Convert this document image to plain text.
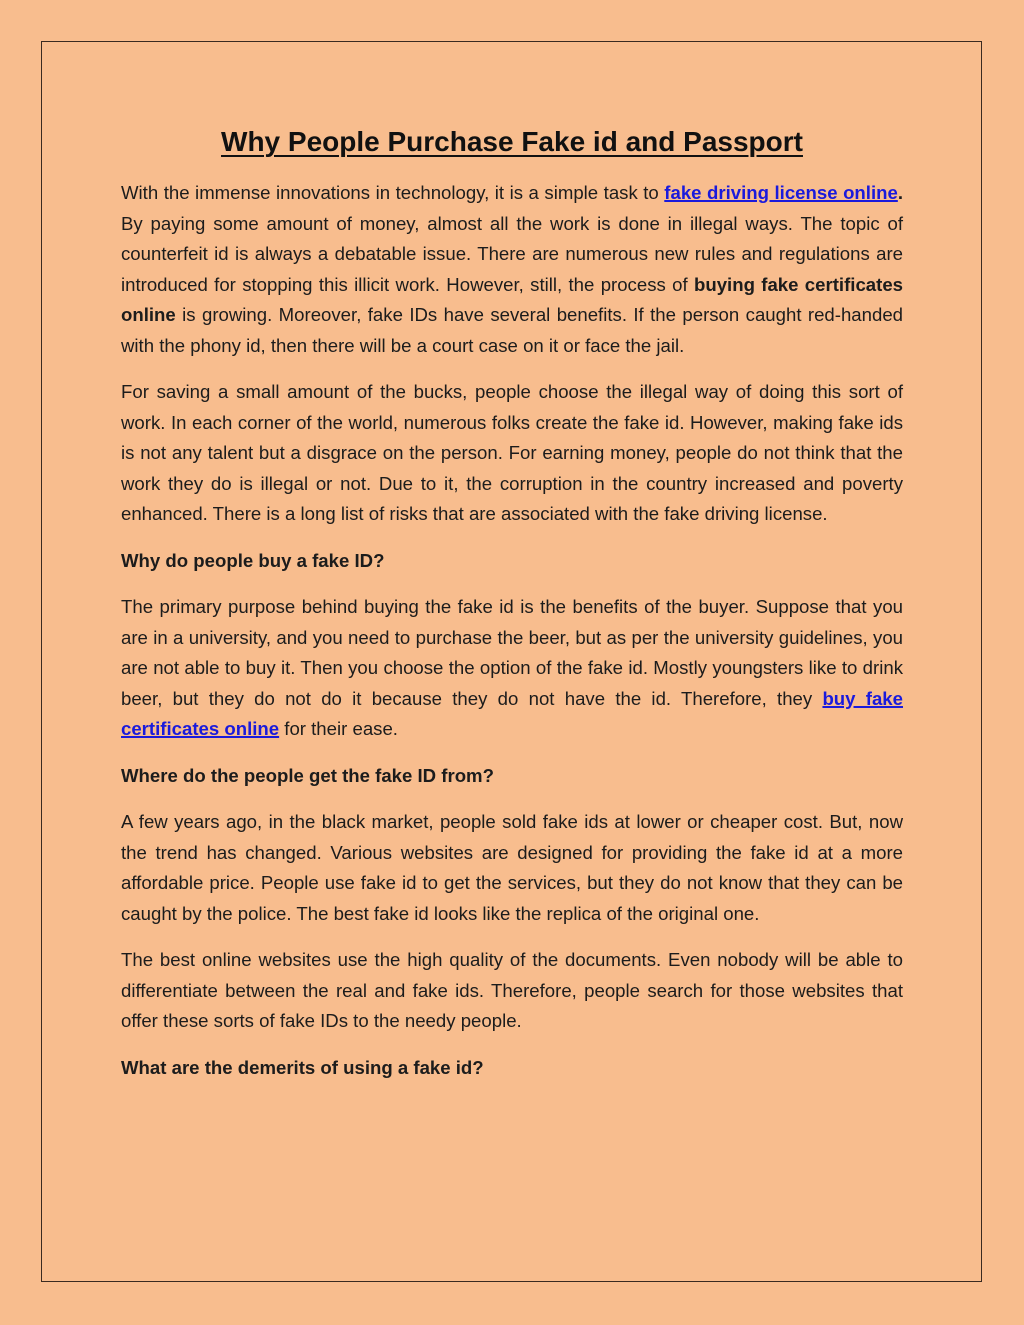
Why People Purchase Fake id and Passport

With the immense innovations in technology, it is a simple task to fake driving license online. By paying some amount of money, almost all the work is done in illegal ways. The topic of counterfeit id is always a debatable issue. There are numerous new rules and regulations are introduced for stopping this illicit work. However, still, the process of buying fake certificates online is growing. Moreover, fake IDs have several benefits. If the person caught red-handed with the phony id, then there will be a court case on it or face the jail.

For saving a small amount of the bucks, people choose the illegal way of doing this sort of work. In each corner of the world, numerous folks create the fake id. However, making fake ids is not any talent but a disgrace on the person. For earning money, people do not think that the work they do is illegal or not. Due to it, the corruption in the country increased and poverty enhanced. There is a long list of risks that are associated with the fake driving license.

Why do people buy a fake ID?

The primary purpose behind buying the fake id is the benefits of the buyer. Suppose that you are in a university, and you need to purchase the beer, but as per the university guidelines, you are not able to buy it. Then you choose the option of the fake id. Mostly youngsters like to drink beer, but they do not do it because they do not have the id. Therefore, they buy fake certificates online for their ease.

Where do the people get the fake ID from?

A few years ago, in the black market, people sold fake ids at lower or cheaper cost. But, now the trend has changed. Various websites are designed for providing the fake id at a more affordable price. People use fake id to get the services, but they do not know that they can be caught by the police. The best fake id looks like the replica of the original one.

The best online websites use the high quality of the documents. Even nobody will be able to differentiate between the real and fake ids. Therefore, people search for those websites that offer these sorts of fake IDs to the needy people.

What are the demerits of using a fake id?
